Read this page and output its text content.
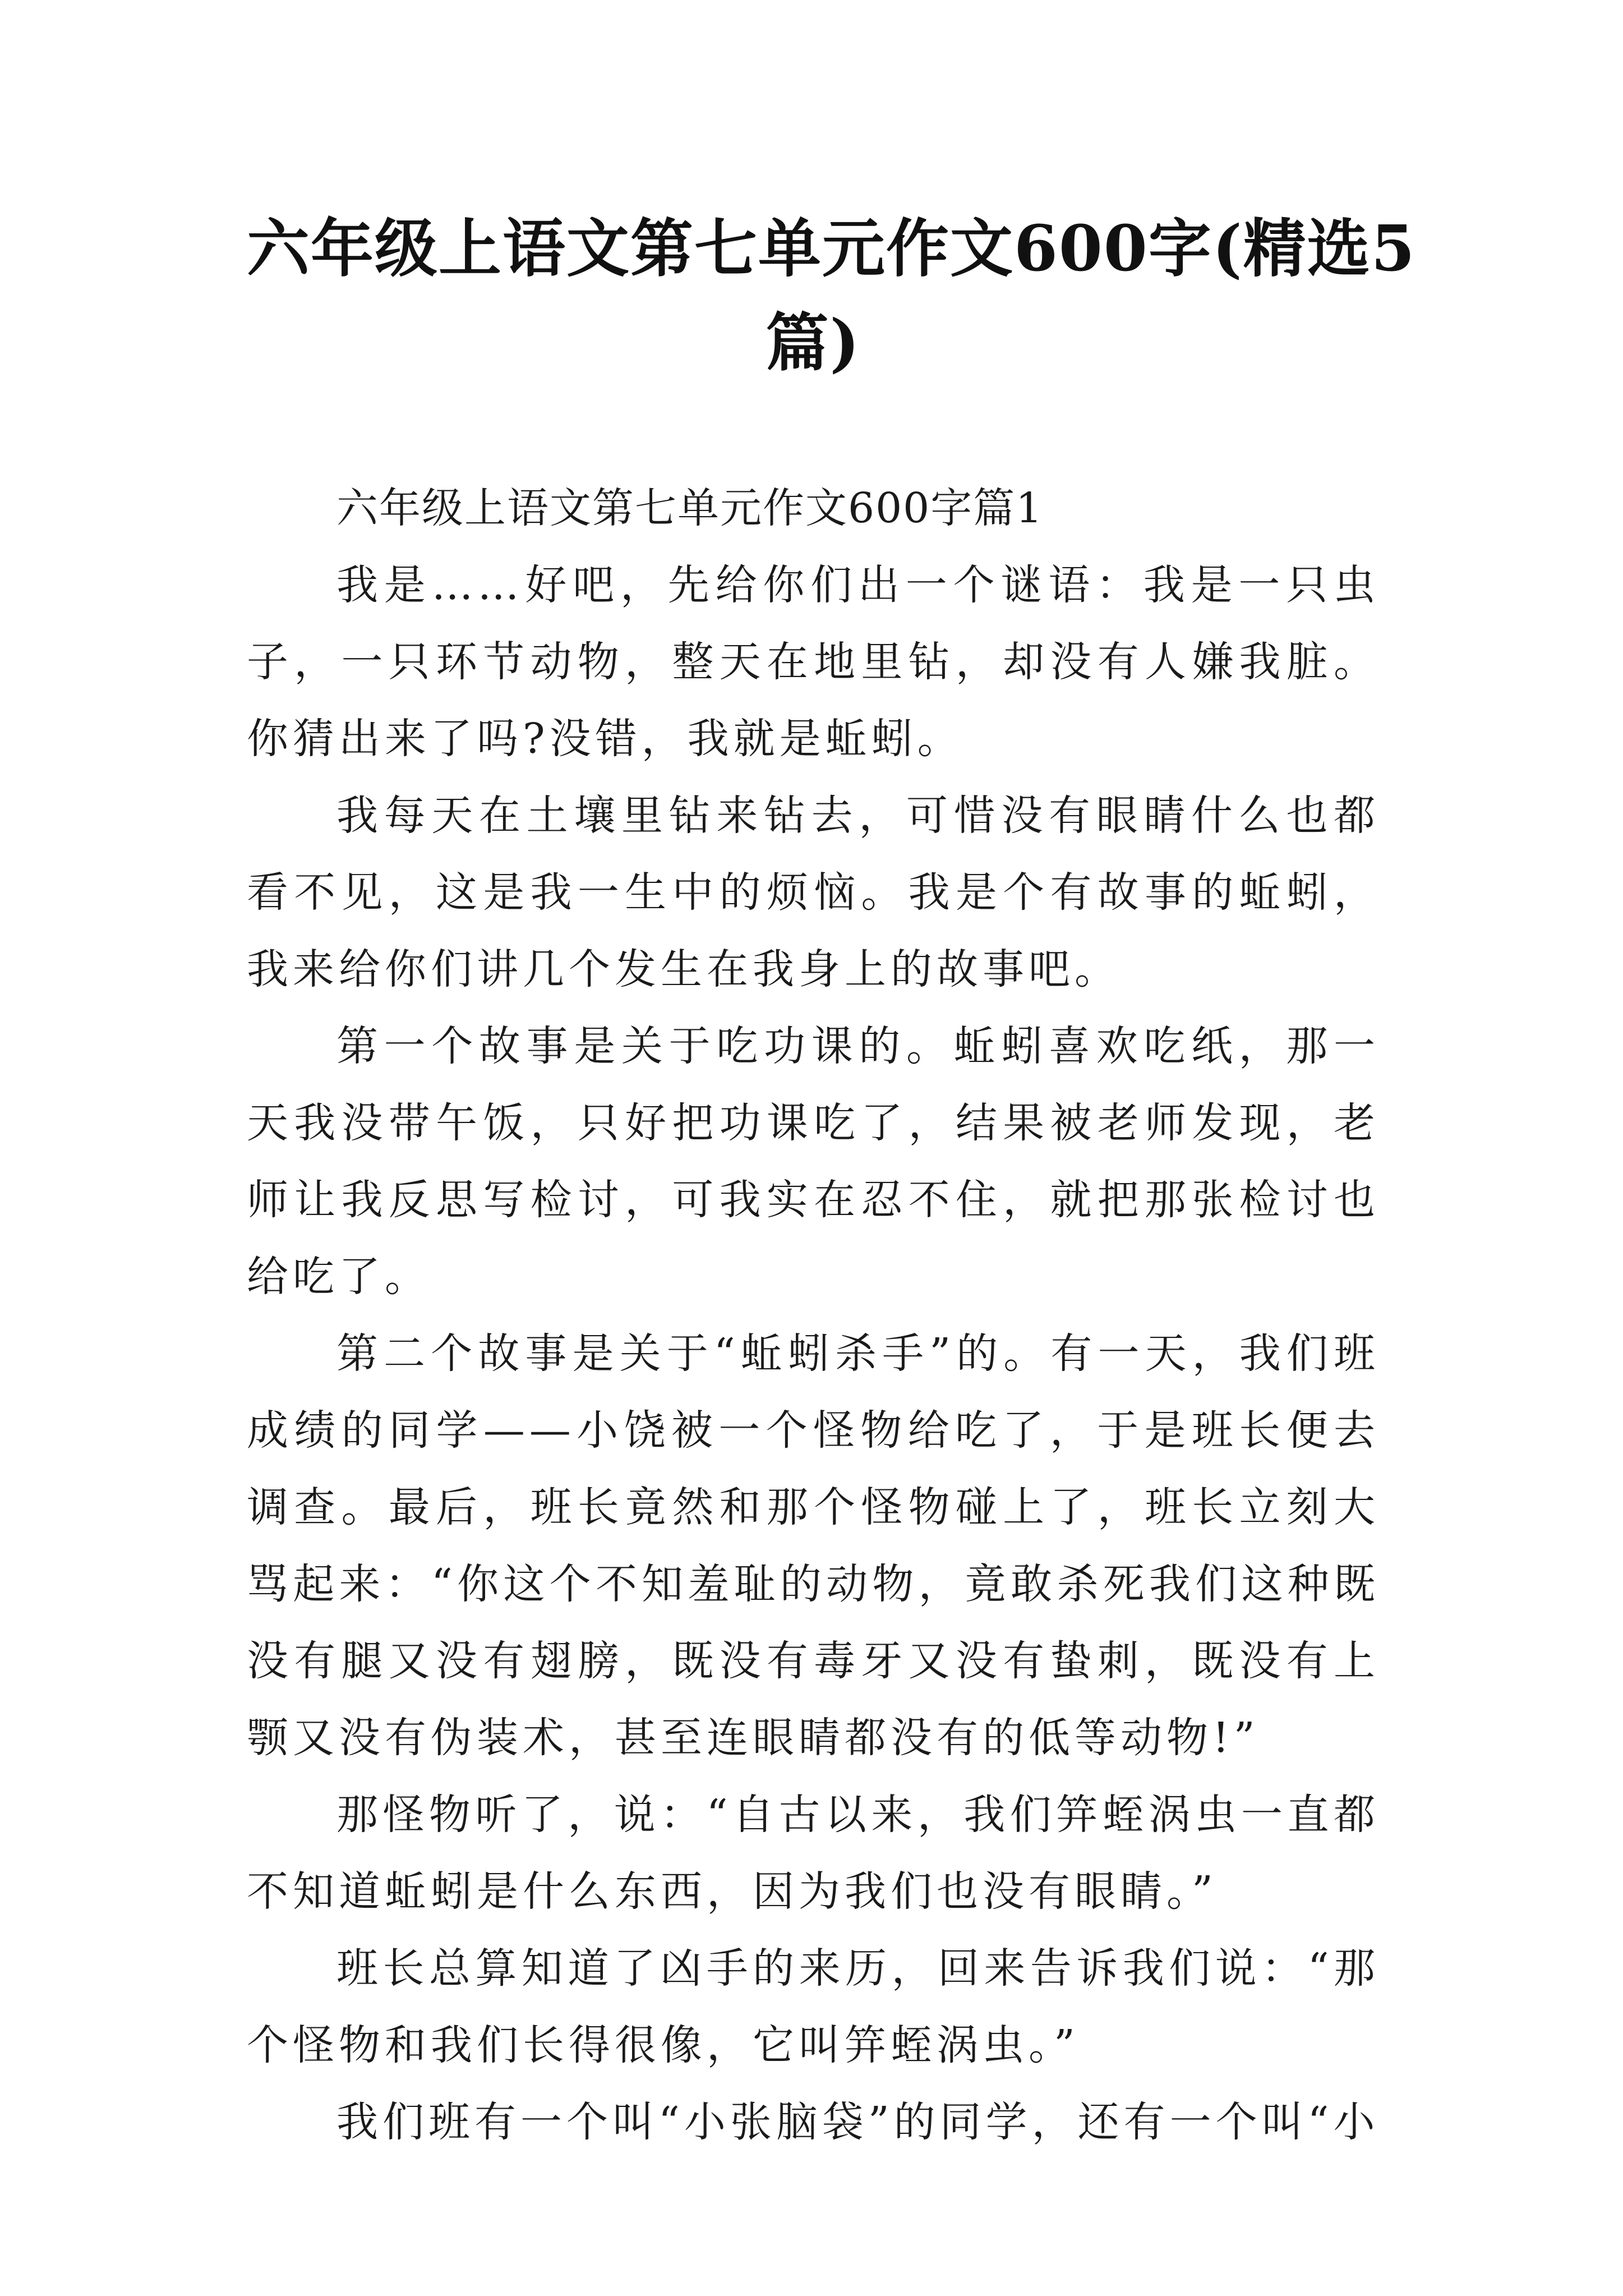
六年级上语文第七单元作文600字(精选5
篇)

六年级上语文第七单元作文600字篇1

我是……好吧，先给你们出一个谜语：我是一只虫子，一只环节动物，整天在地里钻，却没有人嫌我脏。你猜出来了吗?没错，我就是蚯蚓。

我每天在土壤里钻来钻去，可惜没有眼睛什么也都看不见，这是我一生中的烦恼。我是个有故事的蚯蚓，我来给你们讲几个发生在我身上的故事吧。

第一个故事是关于吃功课的。蚯蚓喜欢吃纸，那一天我没带午饭，只好把功课吃了，结果被老师发现，老师让我反思写检讨，可我实在忍不住，就把那张检讨也给吃了。

第二个故事是关于“蚯蚓杀手”的。有一天，我们班成绩的同学——小饶被一个怪物给吃了，于是班长便去调查。最后，班长竟然和那个怪物碰上了，班长立刻大骂起来：“你这个不知羞耻的动物，竟敢杀死我们这种既没有腿又没有翅膀，既没有毒牙又没有蛰刺，既没有上颚又没有伪装术，甚至连眼睛都没有的低等动物!”

那怪物听了，说：“自古以来，我们笄蛭涡虫一直都不知道蚯蚓是什么东西，因为我们也没有眼睛。”

班长总算知道了凶手的来历，回来告诉我们说：“那个怪物和我们长得很像，它叫笄蛭涡虫。”

我们班有一个叫“小张脑袋”的同学，还有一个叫“小
